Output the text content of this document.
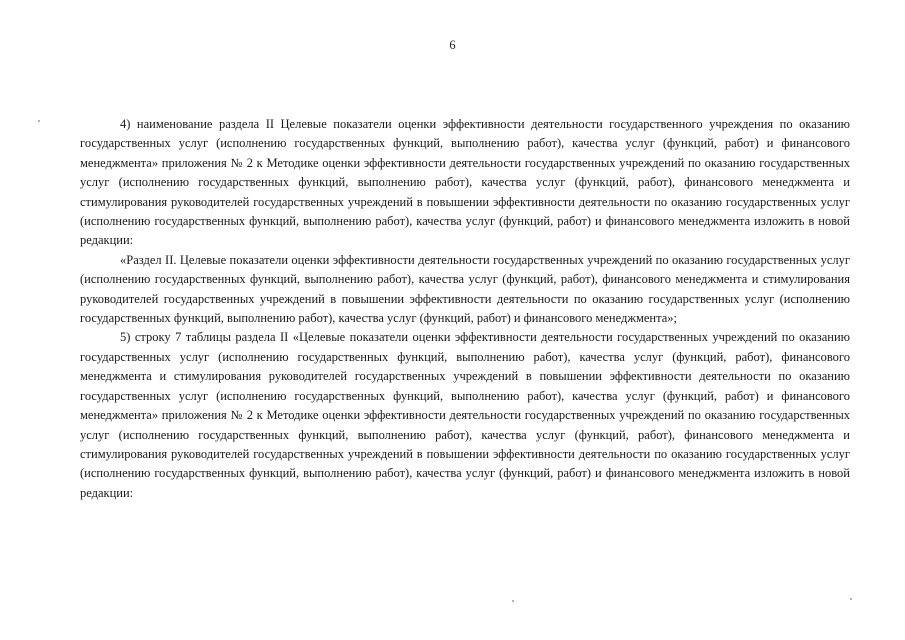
6

4) наименование раздела II Целевые показатели оценки эффективности деятельности государственного учреждения по оказанию государственных услуг (исполнению государственных функций, выполнению работ), качества услуг (функций, работ) и финансового менеджмента» приложения № 2 к Методике оценки эффективности деятельности государственных учреждений по оказанию государственных услуг (исполнению государственных функций, выполнению работ), качества услуг (функций, работ), финансового менеджмента и стимулирования руководителей государственных учреждений в повышении эффективности деятельности по оказанию государственных услуг (исполнению государственных функций, выполнению работ), качества услуг (функций, работ) и финансового менеджмента изложить в новой редакции:

«Раздел II. Целевые показатели оценки эффективности деятельности государственных учреждений по оказанию государственных услуг (исполнению государственных функций, выполнению работ), качества услуг (функций, работ), финансового менеджмента и стимулирования руководителей государственных учреждений в повышении эффективности деятельности по оказанию государственных услуг (исполнению государственных функций, выполнению работ), качества услуг (функций, работ) и финансового менеджмента»;

5) строку 7 таблицы раздела II «Целевые показатели оценки эффективности деятельности государственных учреждений по оказанию государственных услуг (исполнению государственных функций, выполнению работ), качества услуг (функций, работ), финансового менеджмента и стимулирования руководителей государственных учреждений в повышении эффективности деятельности по оказанию государственных услуг (исполнению государственных функций, выполнению работ), качества услуг (функций, работ) и финансового менеджмента» приложения № 2 к Методике оценки эффективности деятельности государственных учреждений по оказанию государственных услуг (исполнению государственных функций, выполнению работ), качества услуг (функций, работ), финансового менеджмента и стимулирования руководителей государственных учреждений в повышении эффективности деятельности по оказанию государственных услуг (исполнению государственных функций, выполнению работ), качества услуг (функций, работ) и финансового менеджмента изложить в новой редакции:
